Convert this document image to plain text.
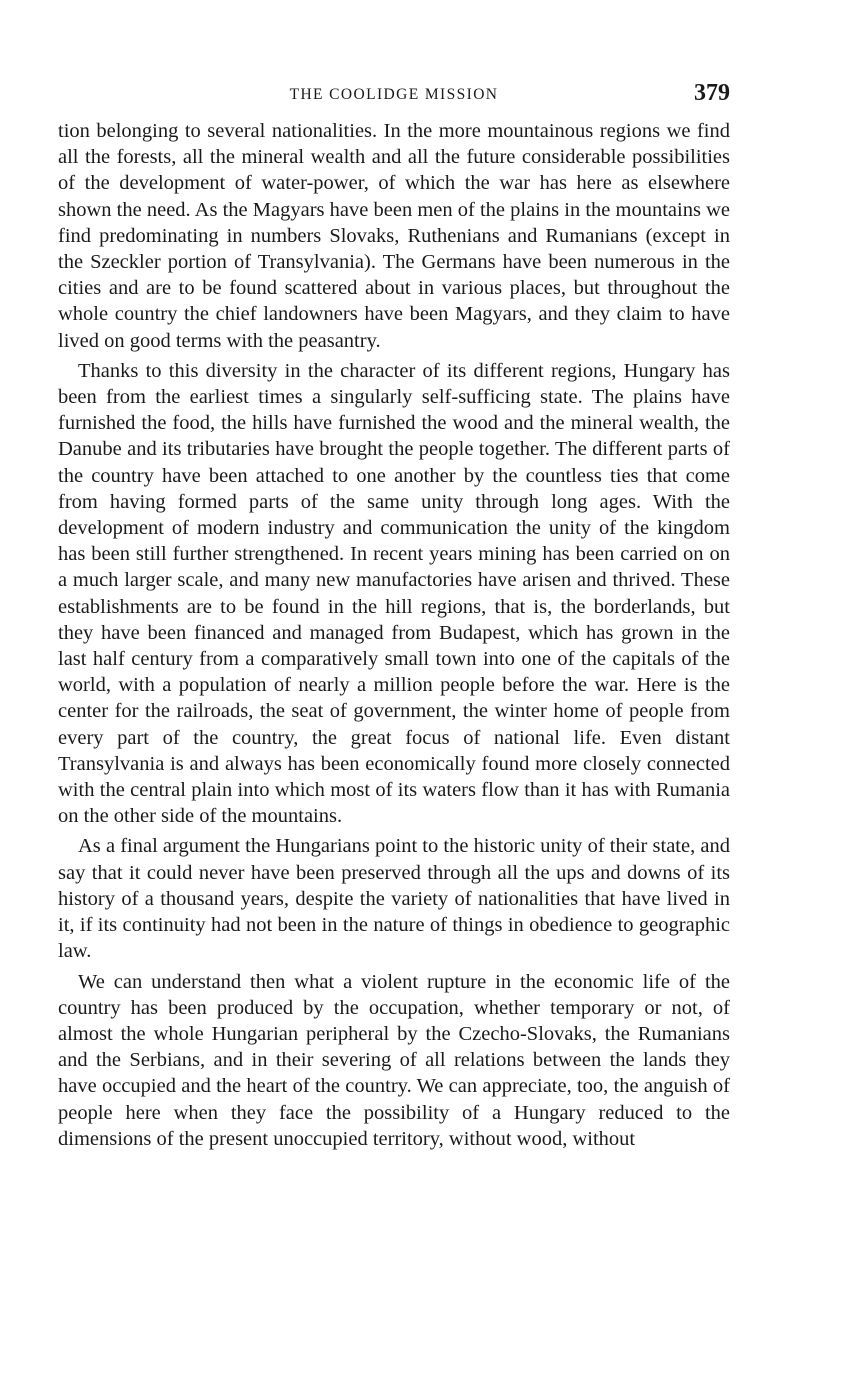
THE COOLIDGE MISSION	379

tion belonging to several nationalities. In the more mountainous regions we find all the forests, all the mineral wealth and all the future considerable possibilities of the development of water-power, of which the war has here as elsewhere shown the need. As the Magyars have been men of the plains in the mountains we find predominating in numbers Slovaks, Ruthenians and Rumanians (except in the Szeckler portion of Transylvania). The Germans have been numerous in the cities and are to be found scattered about in various places, but throughout the whole country the chief landowners have been Magyars, and they claim to have lived on good terms with the peasantry.

Thanks to this diversity in the character of its different regions, Hungary has been from the earliest times a singularly self-sufficing state. The plains have furnished the food, the hills have furnished the wood and the mineral wealth, the Danube and its tributaries have brought the people together. The different parts of the country have been attached to one another by the countless ties that come from having formed parts of the same unity through long ages. With the development of modern industry and communication the unity of the kingdom has been still further strengthened. In recent years mining has been carried on on a much larger scale, and many new manufactories have arisen and thrived. These establishments are to be found in the hill regions, that is, the borderlands, but they have been financed and managed from Budapest, which has grown in the last half century from a comparatively small town into one of the capitals of the world, with a population of nearly a million people before the war. Here is the center for the railroads, the seat of government, the winter home of people from every part of the country, the great focus of national life. Even distant Transylvania is and always has been economically found more closely connected with the central plain into which most of its waters flow than it has with Rumania on the other side of the mountains.

As a final argument the Hungarians point to the historic unity of their state, and say that it could never have been preserved through all the ups and downs of its history of a thousand years, despite the variety of nationalities that have lived in it, if its continuity had not been in the nature of things in obedience to geographic law.

We can understand then what a violent rupture in the economic life of the country has been produced by the occupation, whether temporary or not, of almost the whole Hungarian peripheral by the Czecho-Slovaks, the Rumanians and the Serbians, and in their severing of all relations between the lands they have occupied and the heart of the country. We can appreciate, too, the anguish of people here when they face the possibility of a Hungary reduced to the dimensions of the present unoccupied territory, without wood, without
